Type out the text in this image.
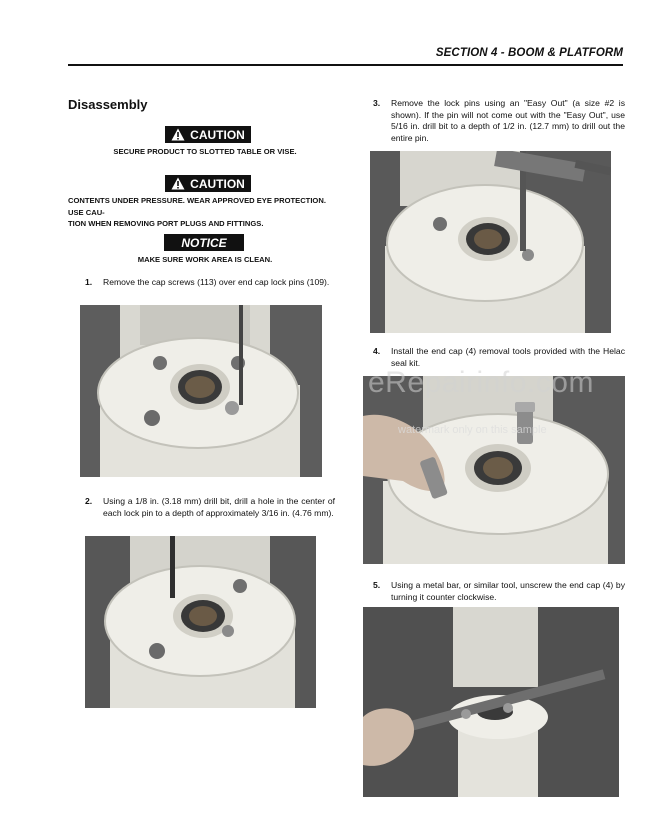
SECTION 4 - BOOM & PLATFORM
Disassembly
CAUTION
SECURE PRODUCT TO SLOTTED TABLE OR VISE.
CAUTION
CONTENTS UNDER PRESSURE. WEAR APPROVED EYE PROTECTION. USE CAU-
TION WHEN REMOVING PORT PLUGS AND FITTINGS.
NOTICE
MAKE SURE WORK AREA IS CLEAN.
1. Remove the cap screws (113) over end cap lock pins (109).
2. Using a 1/8 in. (3.18 mm) drill bit, drill a hole in the center of each lock pin to a depth of approximately 3/16 in. (4.76 mm).
3. Remove the lock pins using an "Easy Out" (a size #2 is shown). If the pin will not come out with the "Easy Out", use 5/16 in. drill bit to a depth of 1/2 in. (12.7 mm) to drill out the entire pin.
4. Install the end cap (4) removal tools provided with the Helac seal kit.
5. Using a metal bar, or similar tool, unscrew the end cap (4) by turning it counter clockwise.
eRepairinfo.com
watermark only on this sample
